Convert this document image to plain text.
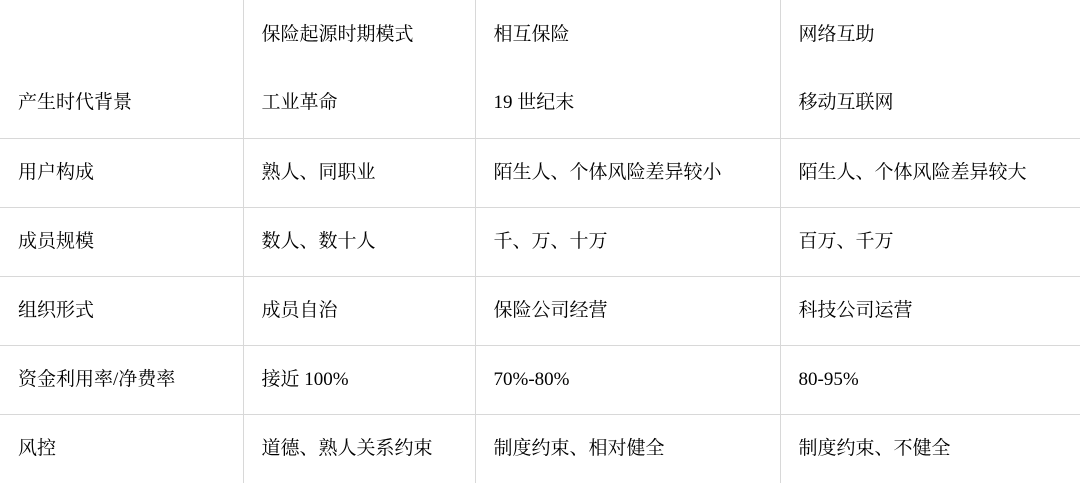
	保险起源时期模式	相互保险	网络互助
产生时代背景	工业革命	19 世纪末	移动互联网
用户构成	熟人、同职业	陌生人、个体风险差异较小	陌生人、个体风险差异较大
成员规模	数人、数十人	千、万、十万	百万、千万
组织形式	成员自治	保险公司经营	科技公司运营
资金利用率/净费率	接近 100%	70%-80%	80-95%
风控	道德、熟人关系约束	制度约束、相对健全	制度约束、不健全
